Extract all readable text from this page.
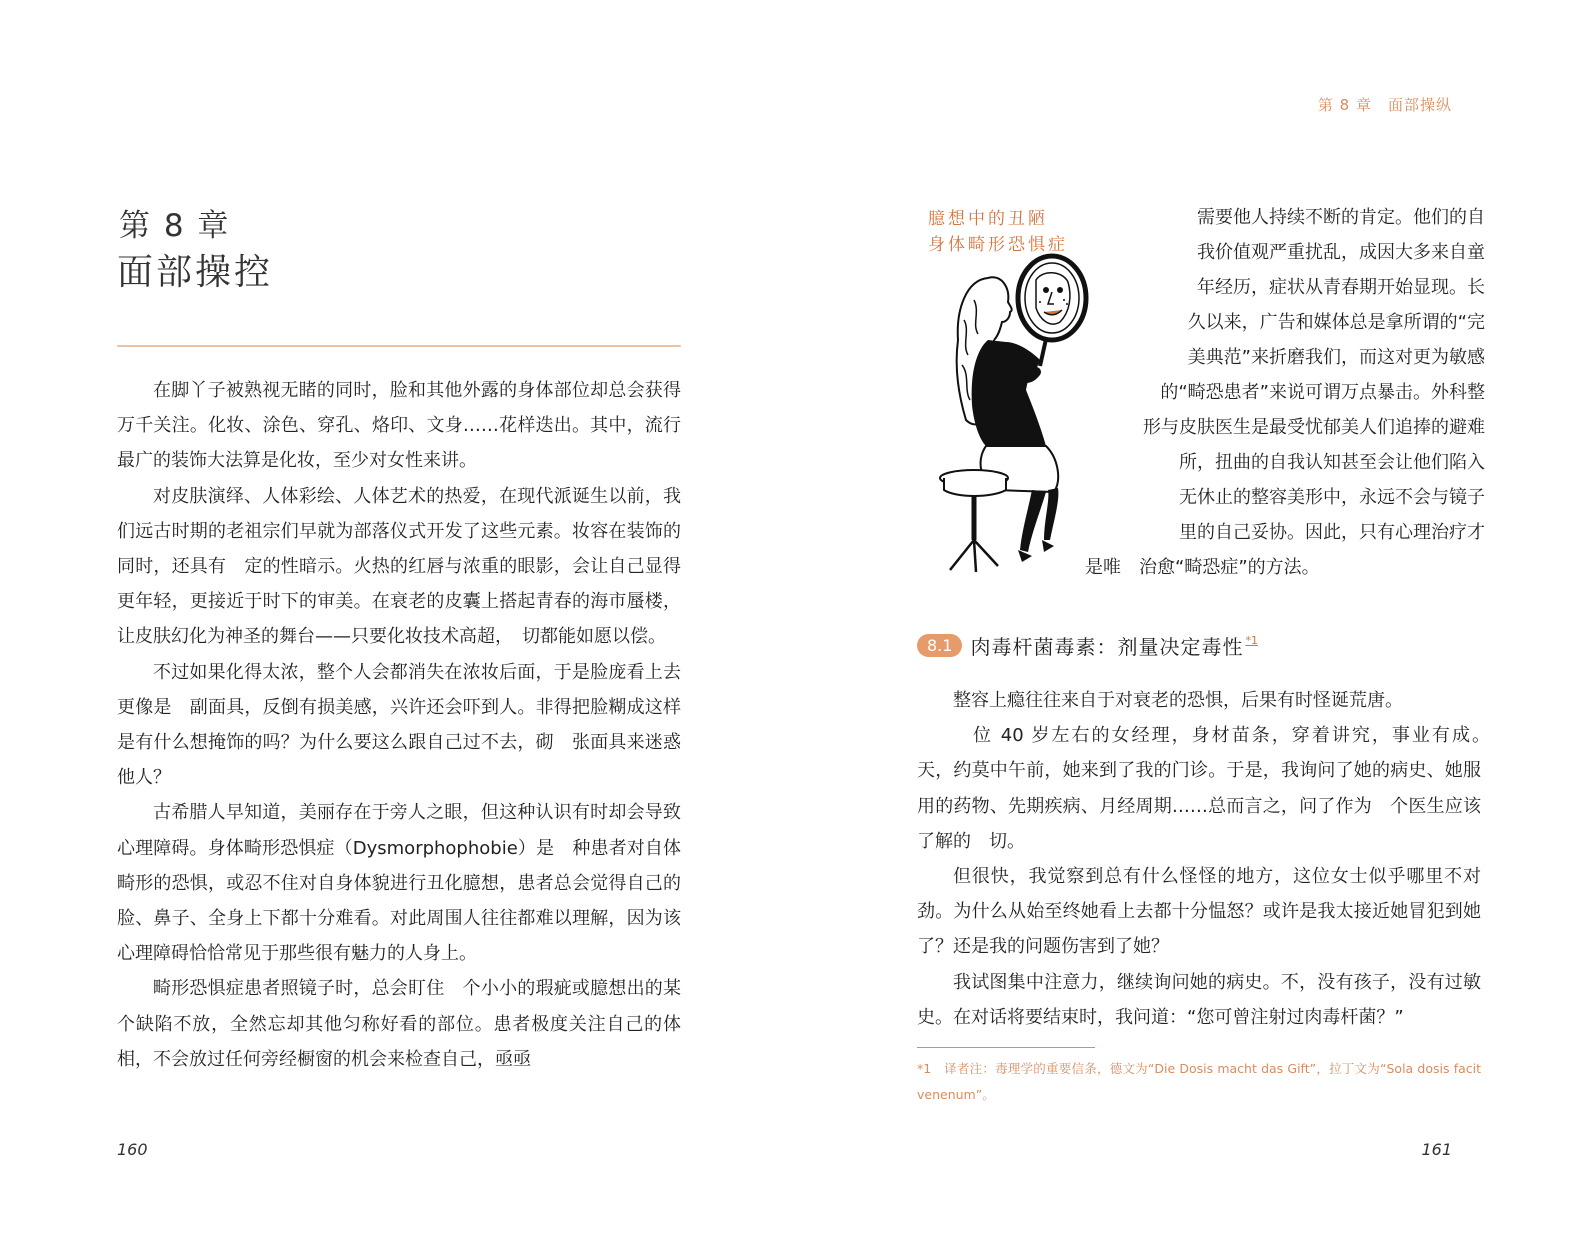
第 8 章　面部操纵
第 8 章
面部操控

在脚丫子被熟视无睹的同时，脸和其他外露的身体部位却总会获得万千关注。化妆、涂色、穿孔、烙印、文身……花样迭出。其中，流行最广的装饰大法算是化妆，至少对女性来讲。

对皮肤演绎、人体彩绘、人体艺术的热爱，在现代派诞生以前，我们远古时期的老祖宗们早就为部落仪式开发了这些元素。妆容在装饰的同时，还具有　定的性暗示。火热的红唇与浓重的眼影，会让自己显得更年轻，更接近于时下的审美。在衰老的皮囊上搭起青春的海市蜃楼，让皮肤幻化为神圣的舞台——只要化妆技术高超，　切都能如愿以偿。

不过如果化得太浓，整个人会都消失在浓妆后面，于是脸庞看上去更像是　副面具，反倒有损美感，兴许还会吓到人。非得把脸糊成这样是有什么想掩饰的吗？为什么要这么跟自己过不去，砌　张面具来迷惑他人？

古希腊人早知道，美丽存在于旁人之眼，但这种认识有时却会导致心理障碍。身体畸形恐惧症（Dysmorphophobie）是　种患者对自体畸形的恐惧，或忍不住对自身体貌进行丑化臆想，患者总会觉得自己的脸、鼻子、全身上下都十分难看。对此周围人往往都难以理解，因为该心理障碍恰恰常见于那些很有魅力的人身上。

畸形恐惧症患者照镜子时，总会盯住　个小小的瑕疵或臆想出的某个缺陷不放，全然忘却其他匀称好看的部位。患者极度关注自己的体相，不会放过任何旁经橱窗的机会来检查自己，亟亟

臆想中的丑陋
身体畸形恐惧症
需要他人持续不断的肯定。他们的自
我价值观严重扰乱，成因大多来自童
年经历，症状从青春期开始显现。长
久以来，广告和媒体总是拿所谓的“完
美典范”来折磨我们，而这对更为敏感
的“畸恐患者”来说可谓万点暴击。外科整
形与皮肤医生是最受忧郁美人们追捧的避难
所，扭曲的自我认知甚至会让他们陷入
无休止的整容美形中，永远不会与镜子
里的自己妥协。因此，只有心理治疗才
是唯　治愈“畸恐症”的方法。
8.1 肉毒杆菌毒素：剂量决定毒性 $^{*1}$

整容上瘾往往来自于对衰老的恐惧，后果有时怪诞荒唐。

　位 40 岁左右的女经理，身材苗条，穿着讲究，事业有成。　天，约莫中午前，她来到了我的门诊。于是，我询问了她的病史、她服用的药物、先期疾病、月经周期……总而言之，问了作为　个医生应该了解的　切。

但很快，我觉察到总有什么怪怪的地方，这位女士似乎哪里不对劲。为什么从始至终她看上去都十分愠怒？或许是我太接近她冒犯到她了？还是我的问题伤害到了她？

我试图集中注意力，继续询问她的病史。不，没有孩子，没有过敏史。在对话将要结束时，我问道：“您可曾注射过肉毒杆菌？”

*1　译者注：毒理学的重要信条，德文为“Die Dosis macht das Gift”，拉丁文为“Sola dosis facit venenum”。
160	161
